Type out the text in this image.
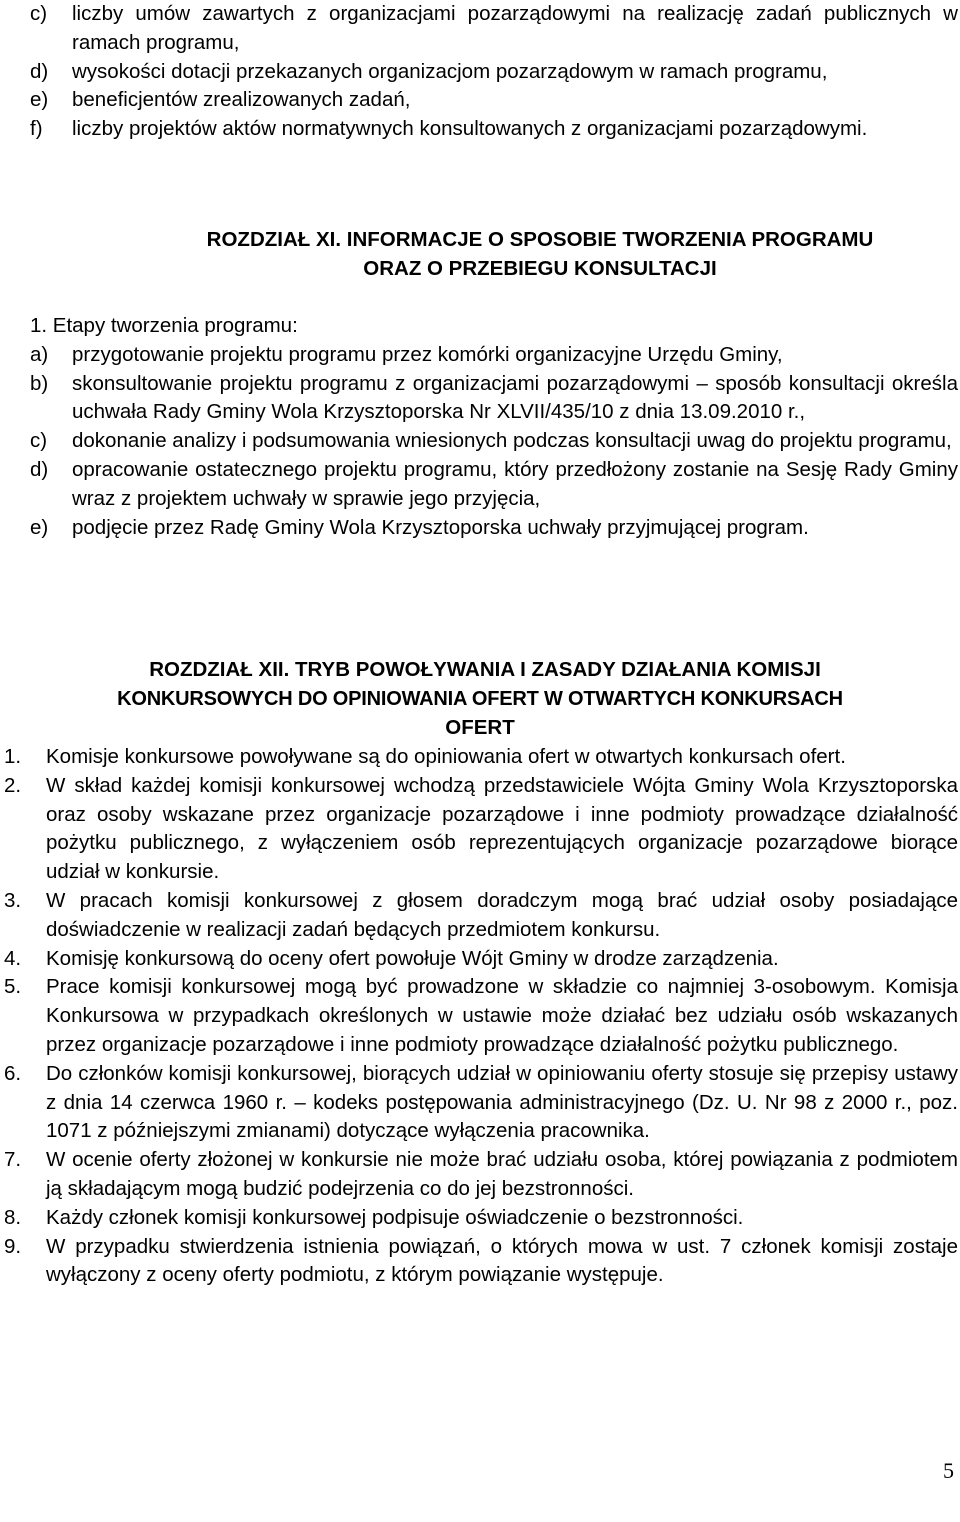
c)	liczby umów zawartych z organizacjami pozarządowymi na realizację zadań publicznych w ramach programu,
d)	wysokości dotacji przekazanych organizacjom pozarządowym w ramach programu,
e)	beneficjentów zrealizowanych zadań,
f)	liczby projektów aktów normatywnych konsultowanych z organizacjami pozarządowymi.
ROZDZIAŁ XI. INFORMACJE O SPOSOBIE TWORZENIA PROGRAMU
ORAZ O PRZEBIEGU KONSULTACJI
1. Etapy tworzenia programu:
a)	przygotowanie projektu programu przez komórki organizacyjne Urzędu Gminy,
b)	skonsultowanie projektu programu z organizacjami pozarządowymi – sposób konsultacji określa uchwała Rady Gminy Wola Krzysztoporska Nr XLVII/435/10 z dnia 13.09.2010 r.,
c)	dokonanie analizy i podsumowania wniesionych podczas konsultacji uwag do projektu programu,
d)	opracowanie ostatecznego projektu programu, który przedłożony zostanie na Sesję Rady Gminy wraz z projektem uchwały w sprawie jego przyjęcia,
e)	podjęcie przez Radę Gminy Wola Krzysztoporska uchwały przyjmującej program.
ROZDZIAŁ XII. TRYB POWOŁYWANIA I ZASADY DZIAŁANIA KOMISJI
KONKURSOWYCH DO OPINIOWANIA OFERT W OTWARTYCH KONKURSACH
OFERT
1.	Komisje konkursowe powoływane są do opiniowania ofert w otwartych konkursach ofert.
2.	W skład każdej komisji konkursowej wchodzą przedstawiciele Wójta Gminy Wola Krzysztoporska oraz osoby wskazane przez organizacje pozarządowe i inne podmioty prowadzące działalność pożytku publicznego, z wyłączeniem osób reprezentujących organizacje pozarządowe biorące udział w konkursie.
3.	W pracach komisji konkursowej z głosem doradczym mogą brać udział osoby posiadające doświadczenie w realizacji zadań będących przedmiotem konkursu.
4.	Komisję konkursową do oceny ofert powołuje Wójt Gminy w drodze zarządzenia.
5.	Prace komisji konkursowej mogą być prowadzone w składzie co najmniej 3-osobowym. Komisja Konkursowa w przypadkach określonych w ustawie może działać bez udziału osób wskazanych przez organizacje pozarządowe i inne podmioty prowadzące działalność pożytku publicznego.
6.	Do członków komisji konkursowej, biorących udział w opiniowaniu oferty stosuje się przepisy ustawy z dnia 14 czerwca 1960 r. – kodeks postępowania administracyjnego (Dz. U. Nr 98 z 2000 r., poz. 1071 z późniejszymi zmianami) dotyczące wyłączenia pracownika.
7.	W ocenie oferty złożonej w konkursie nie może brać udziału osoba, której powiązania z podmiotem ją składającym mogą budzić podejrzenia co do jej bezstronności.
8.	Każdy członek komisji konkursowej podpisuje oświadczenie o bezstronności.
9.	W przypadku stwierdzenia istnienia powiązań, o których mowa w ust. 7 członek komisji zostaje wyłączony z oceny oferty podmiotu, z którym powiązanie występuje.
5
